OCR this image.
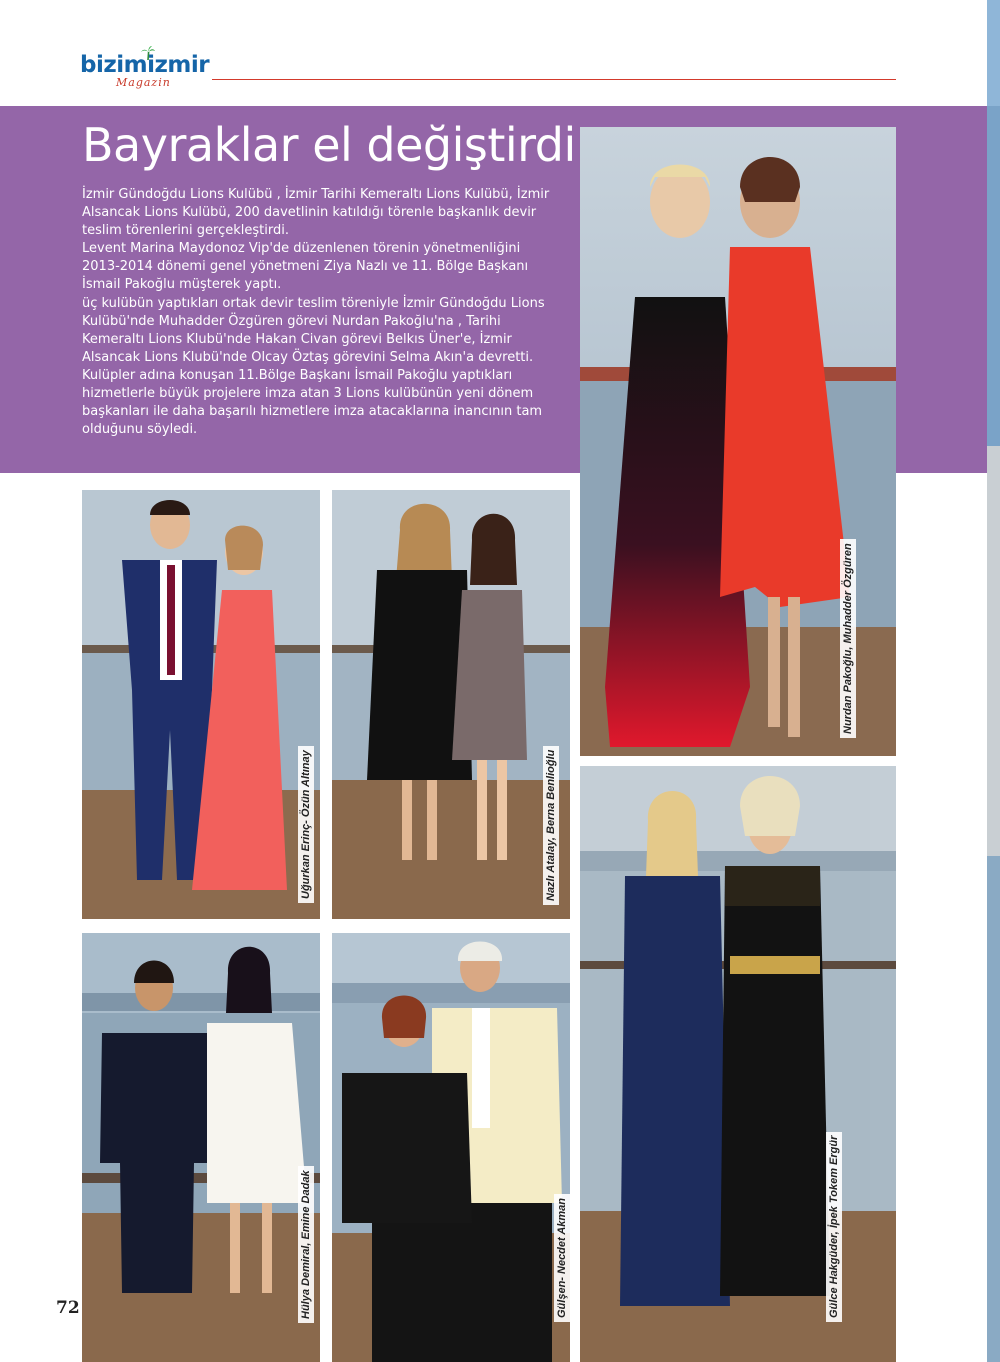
bizimizmir
Magazin
Bayraklar el değiştirdi

İzmir Gündoğdu Lions Kulübü , İzmir Tarihi Kemeraltı Lions Kulübü, İzmir Alsancak Lions Kulübü, 200 davetlinin katıldığı törenle başkanlık devir teslim törenlerini gerçekleştirdi.

Levent Marina Maydonoz Vip'de düzenlenen törenin yönetmenliğini 2013-2014 dönemi genel yönetmeni Ziya Nazlı ve 11. Bölge Başkanı İsmail Pakoğlu müşterek yaptı.

üç kulübün yaptıkları ortak devir teslim töreniyle İzmir Gündoğdu Lions Kulübü'nde Muhadder Özgüren görevi Nurdan Pakoğlu'na , Tarihi Kemeraltı Lions Klubü'nde Hakan Civan görevi Belkıs Üner'e, İzmir Alsancak Lions Klubü'nde Olcay Öztaş görevini Selma Akın'a devretti. Kulüpler adına konuşan 11.Bölge Başkanı İsmail Pakoğlu yaptıkları hizmetlerle büyük projelere imza atan 3 Lions kulübünün yeni dönem başkanları ile daha başarılı hizmetlere imza atacaklarına inancının tam olduğunu söyledi.

Nurdan Pakoğlu, Muhadder Özgüren
Uğurkan Erinç- Özün Altınay	Nazlı Atalay, Berna Benlioğlu
Hülya Demiral, Emine Dadak	Gülşen- Necdet Akman	Gülce Hakgüder, İpek Tokem Ergür
72
